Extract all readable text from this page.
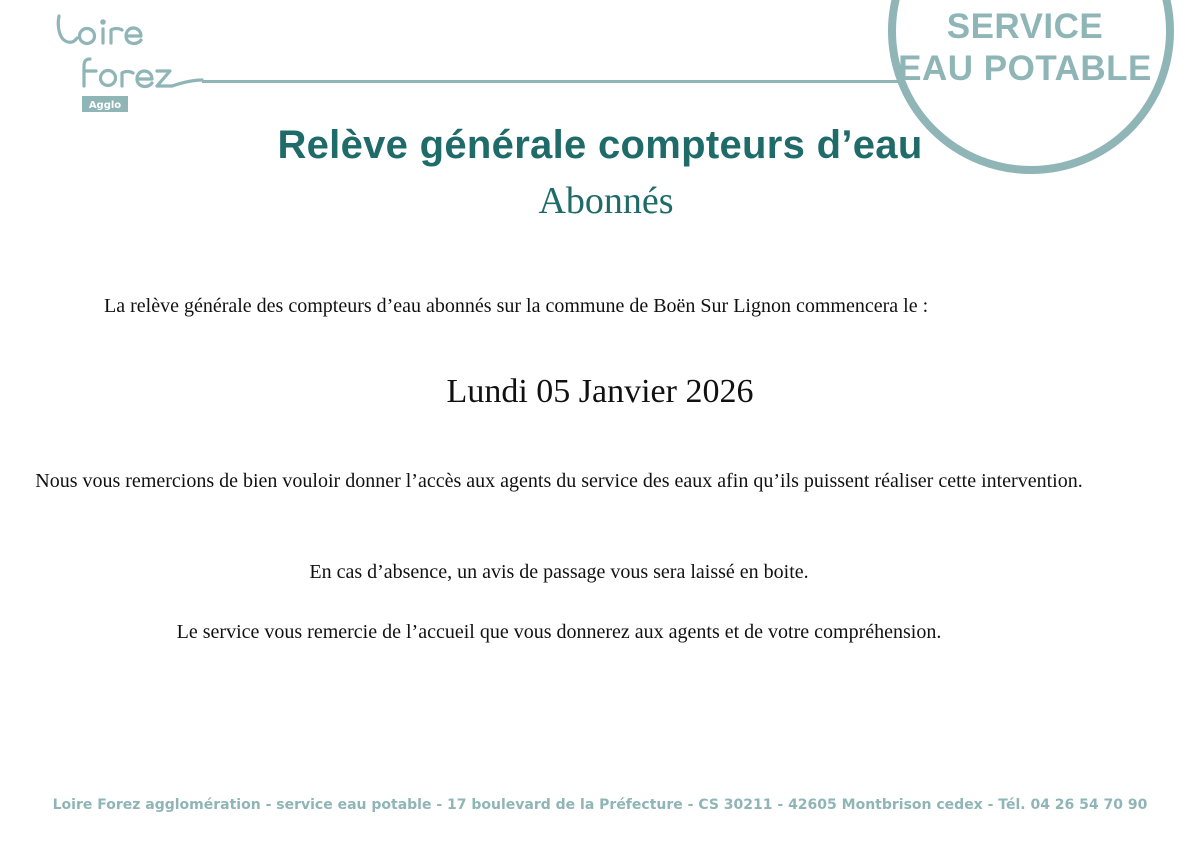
Agglo
SERVICE
EAU POTABLE
Relève générale compteurs d’eau
Abonnés
La relève générale des compteurs d’eau abonnés sur la commune de Boën Sur Lignon commencera le :
Lundi 05 Janvier 2026
Nous vous remercions de bien vouloir donner l’accès aux agents du service des eaux afin qu’ils puissent réaliser cette intervention.
En cas d’absence, un avis de passage vous sera laissé en boite.
Le service vous remercie de l’accueil que vous donnerez aux agents et de votre compréhension.
Loire Forez agglomération - service eau potable - 17 boulevard de la Préfecture - CS 30211 - 42605 Montbrison cedex - Tél. 04 26 54 70 90
